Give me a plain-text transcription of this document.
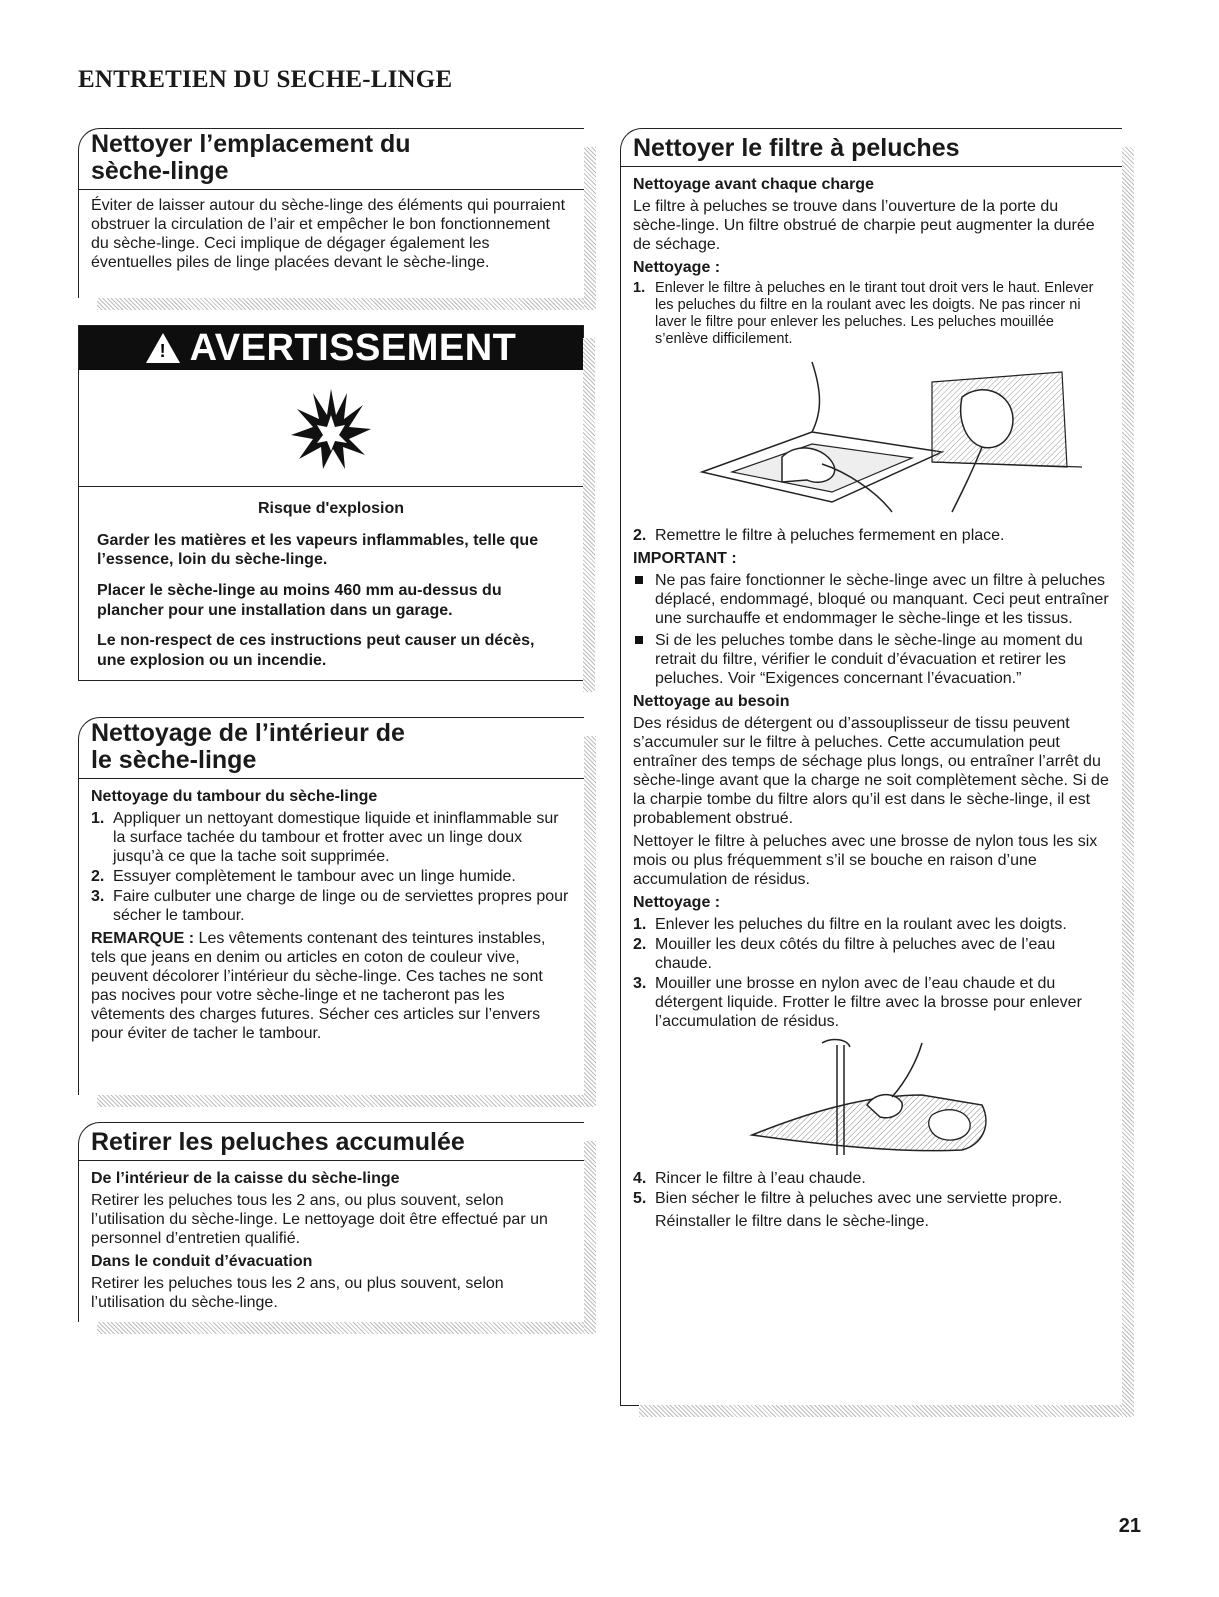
ENTRETIEN DU SECHE-LINGE
Nettoyer l’emplacement du
sèche-linge

Éviter de laisser autour du sèche-linge des éléments qui pourraient obstruer la circulation de l’air et empêcher le bon fonctionnement du sèche-linge. Ceci implique de dégager également les éventuelles piles de linge placées devant le sèche-linge.

! AVERTISSEMENT
Risque d'explosion

Garder les matières et les vapeurs inflammables, telle que l’essence, loin du sèche-linge.

Placer le sèche-linge au moins 460 mm au-dessus du plancher pour une installation dans un garage.

Le non-respect de ces instructions peut causer un décès, une explosion ou un incendie.

Nettoyage de l’intérieur de
le sèche-linge
Nettoyage du tambour du sèche-linge
1. Appliquer un nettoyant domestique liquide et ininflammable sur la surface tachée du tambour et frotter avec un linge doux jusqu’à ce que la tache soit supprimée.
2. Essuyer complètement le tambour avec un linge humide.
3. Faire culbuter une charge de linge ou de serviettes propres pour sécher le tambour.

REMARQUE : Les vêtements contenant des teintures instables, tels que jeans en denim ou articles en coton de couleur vive, peuvent décolorer l’intérieur du sèche-linge. Ces taches ne sont pas nocives pour votre sèche-linge et ne tacheront pas les vêtements des charges futures. Sécher ces articles sur l’envers pour éviter de tacher le tambour.

Retirer les peluches accumulée
De l’intérieur de la caisse du sèche-linge

Retirer les peluches tous les 2 ans, ou plus souvent, selon l’utilisation du sèche-linge. Le nettoyage doit être effectué par un personnel d’entretien qualifié.

Dans le conduit d’évacuation

Retirer les peluches tous les 2 ans, ou plus souvent, selon l’utilisation du sèche-linge.

Nettoyer le filtre à peluches
Nettoyage avant chaque charge

Le filtre à peluches se trouve dans l’ouverture de la porte du sèche-linge. Un filtre obstrué de charpie peut augmenter la durée de séchage.

Nettoyage :
1. Enlever le filtre à peluches en le tirant tout droit vers le haut. Enlever les peluches du filtre en la roulant avec les doigts. Ne pas rincer ni laver le filtre pour enlever les peluches. Les peluches mouillée s’enlève difficilement.
2. Remettre le filtre à peluches fermement en place.
IMPORTANT :
Ne pas faire fonctionner le sèche-linge avec un filtre à peluches déplacé, endommagé, bloqué ou manquant. Ceci peut entraîner une surchauffe et endommager le sèche-linge et les tissus.
Si de les peluches tombe dans le sèche-linge au moment du retrait du filtre, vérifier le conduit d’évacuation et retirer les peluches. Voir “Exigences concernant l’évacuation.”
Nettoyage au besoin

Des résidus de détergent ou d’assouplisseur de tissu peuvent s’accumuler sur le filtre à peluches. Cette accumulation peut entraîner des temps de séchage plus longs, ou entraîner l’arrêt du sèche-linge avant que la charge ne soit complètement sèche. Si de la charpie tombe du filtre alors qu’il est dans le sèche-linge, il est probablement obstrué.

Nettoyer le filtre à peluches avec une brosse de nylon tous les six mois ou plus fréquemment s’il se bouche en raison d’une accumulation de résidus.

Nettoyage :
1. Enlever les peluches du filtre en la roulant avec les doigts.
2. Mouiller les deux côtés du filtre à peluches avec de l’eau chaude.
3. Mouiller une brosse en nylon avec de l’eau chaude et du détergent liquide. Frotter le filtre avec la brosse pour enlever l’accumulation de résidus.
4. Rincer le filtre à l’eau chaude.
5. Bien sécher le filtre à peluches avec une serviette propre.

Réinstaller le filtre dans le sèche-linge.

21
